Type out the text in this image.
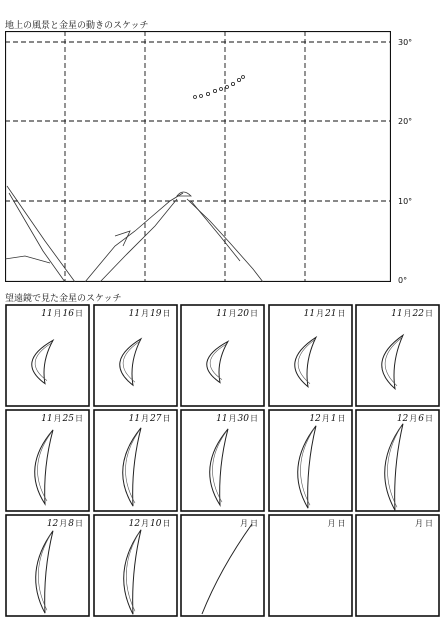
地上の風景と金星の動きのスケッチ
30°
20°
10°
0°
望遠鏡で見た金星のスケッチ
11月16日	11月19日	11月20日	11月21日	11月22日
11月25日	11月27日	11月30日	12月1日	12月6日
12月8日	12月10日	月 日	月 日	月 日
